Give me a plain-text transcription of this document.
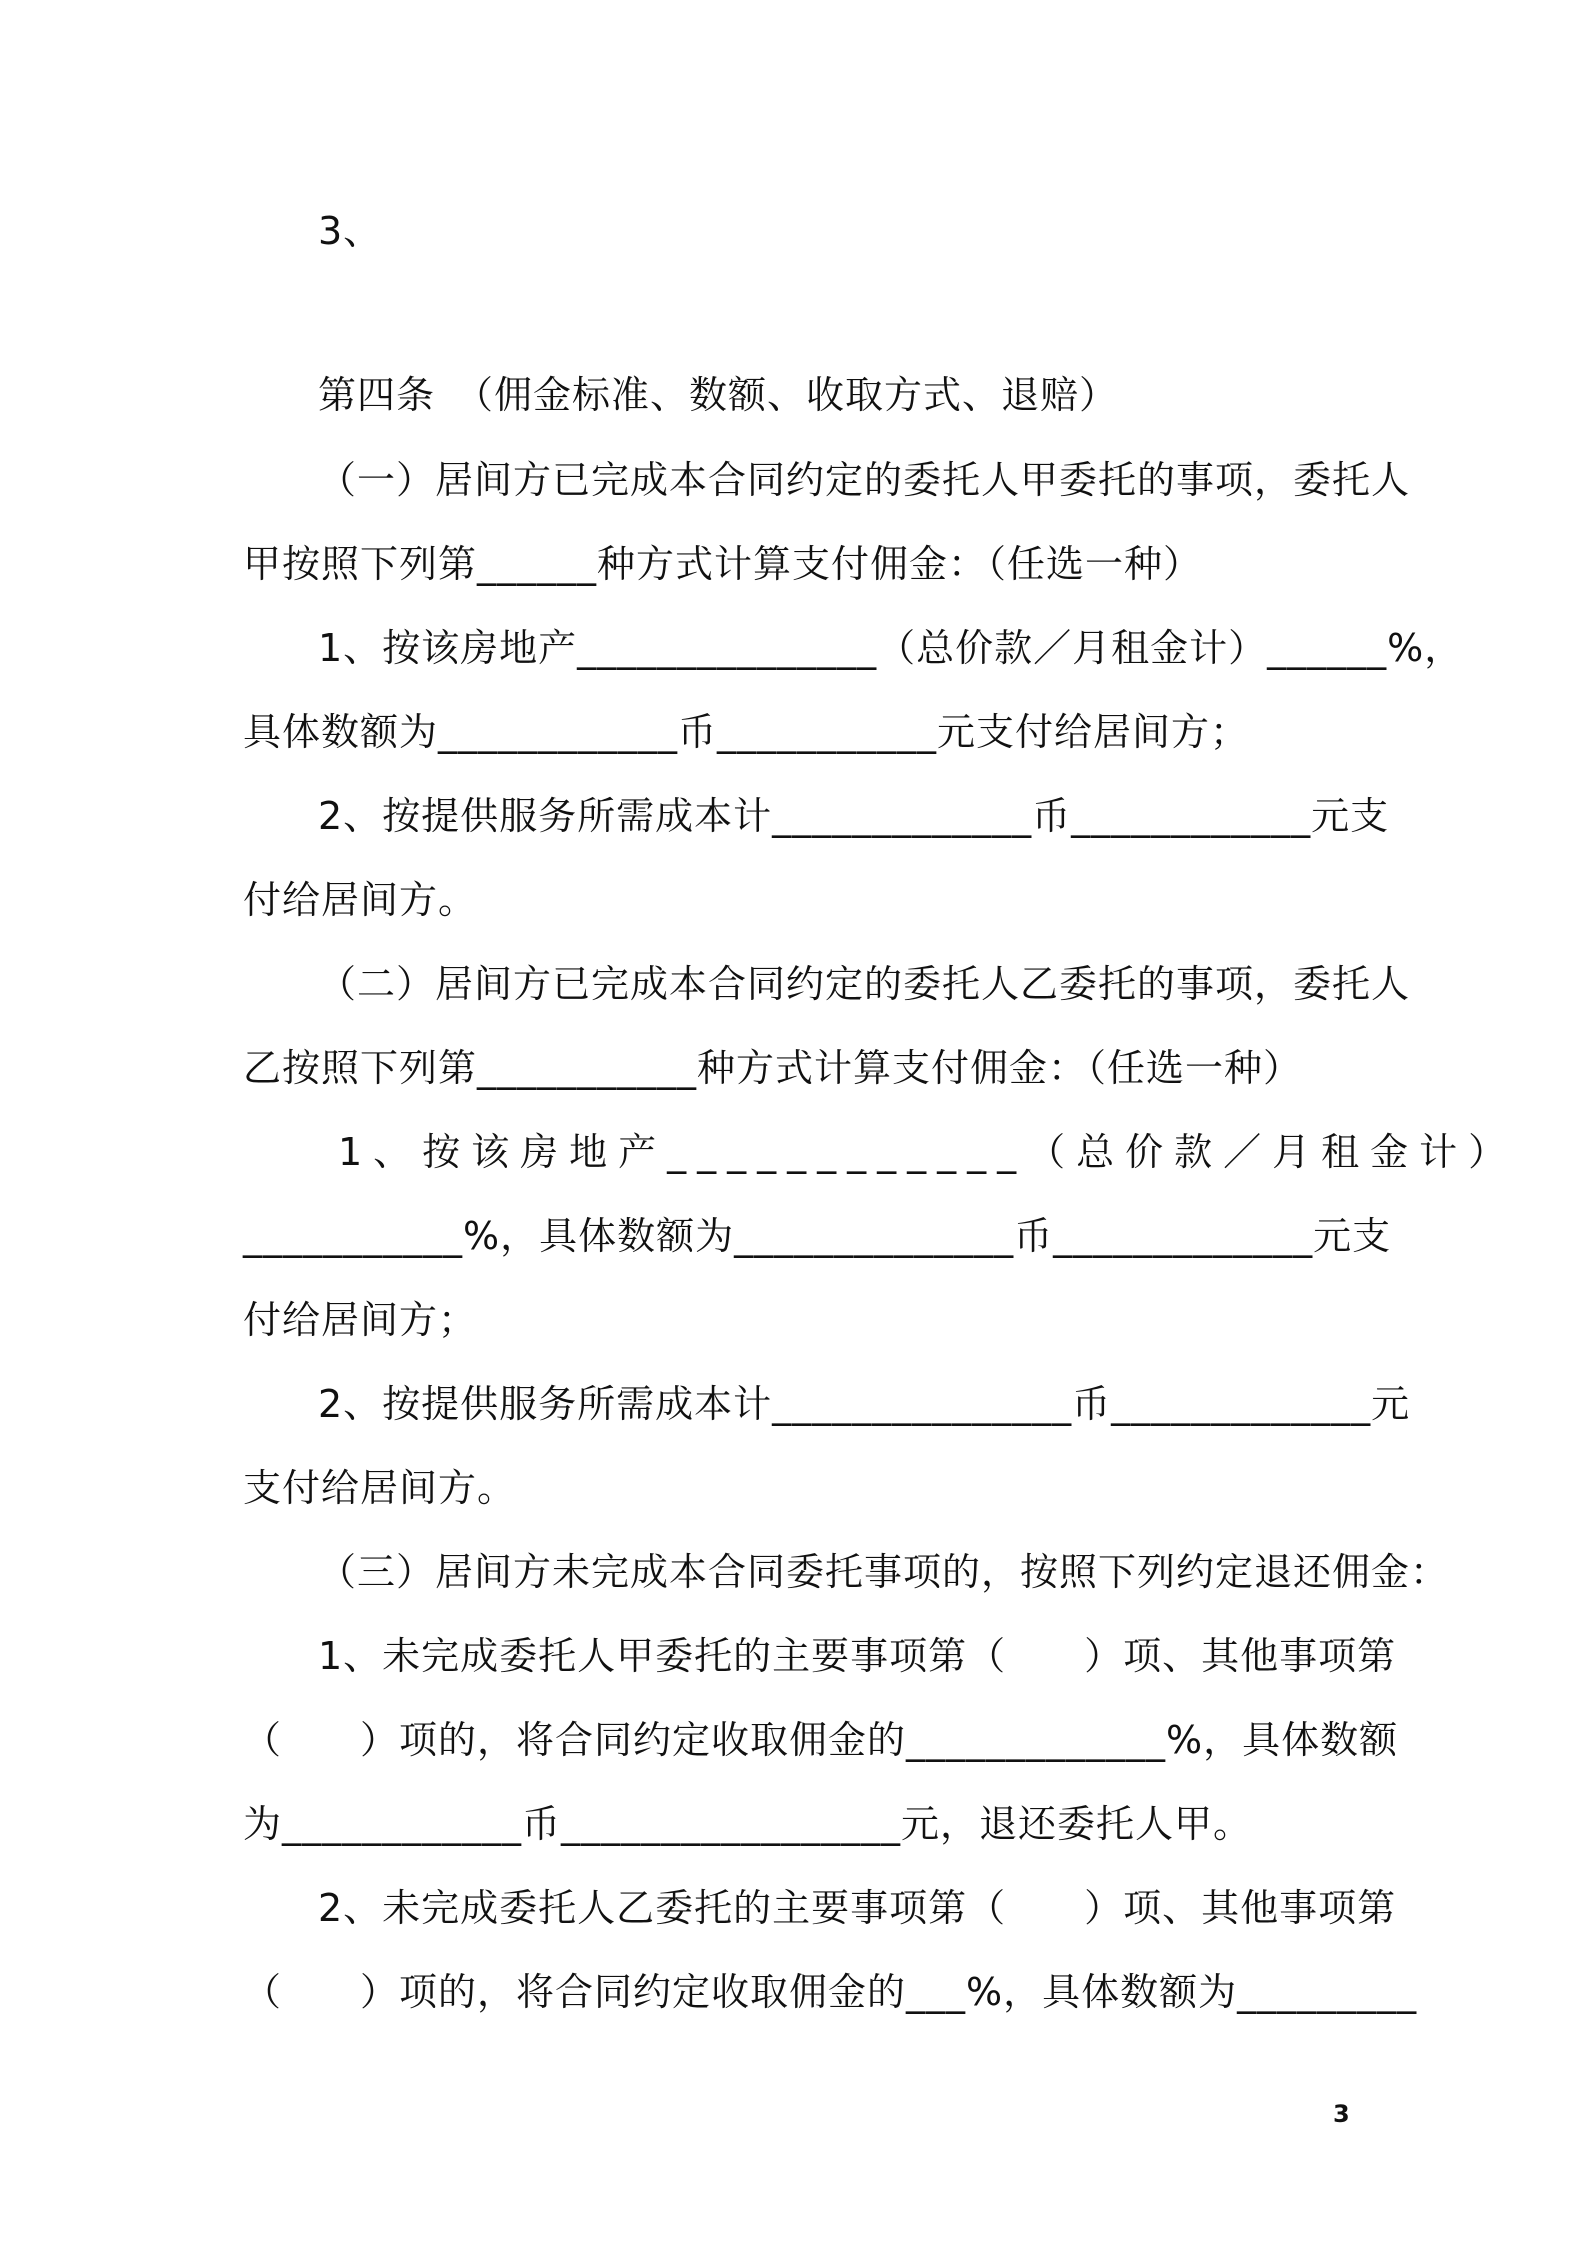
3、
第四条　（佣金标准、数额、收取方式、退赔）
（一）居间方已完成本合同约定的委托人甲委托的事项，委托人
甲按照下列第______种方式计算支付佣金：（任选一种）
1、按该房地产_______________（总价款／月租金计）______%，
具体数额为____________币___________元支付给居间方；
2、按提供服务所需成本计_____________币____________元支
付给居间方。
（二）居间方已完成本合同约定的委托人乙委托的事项，委托人
乙按照下列第___________种方式计算支付佣金：（任选一种）
1、按该房地产____________（总价款／月租金计）
___________%，具体数额为______________币_____________元支
付给居间方；
2、按提供服务所需成本计_______________币_____________元
支付给居间方。
（三）居间方未完成本合同委托事项的，按照下列约定退还佣金：
1、未完成委托人甲委托的主要事项第（　　）项、其他事项第
（　　）项的，将合同约定收取佣金的_____________%，具体数额
为____________币_________________元，退还委托人甲。
2、未完成委托人乙委托的主要事项第（　　）项、其他事项第
（　　）项的，将合同约定收取佣金的___%，具体数额为_________
3
